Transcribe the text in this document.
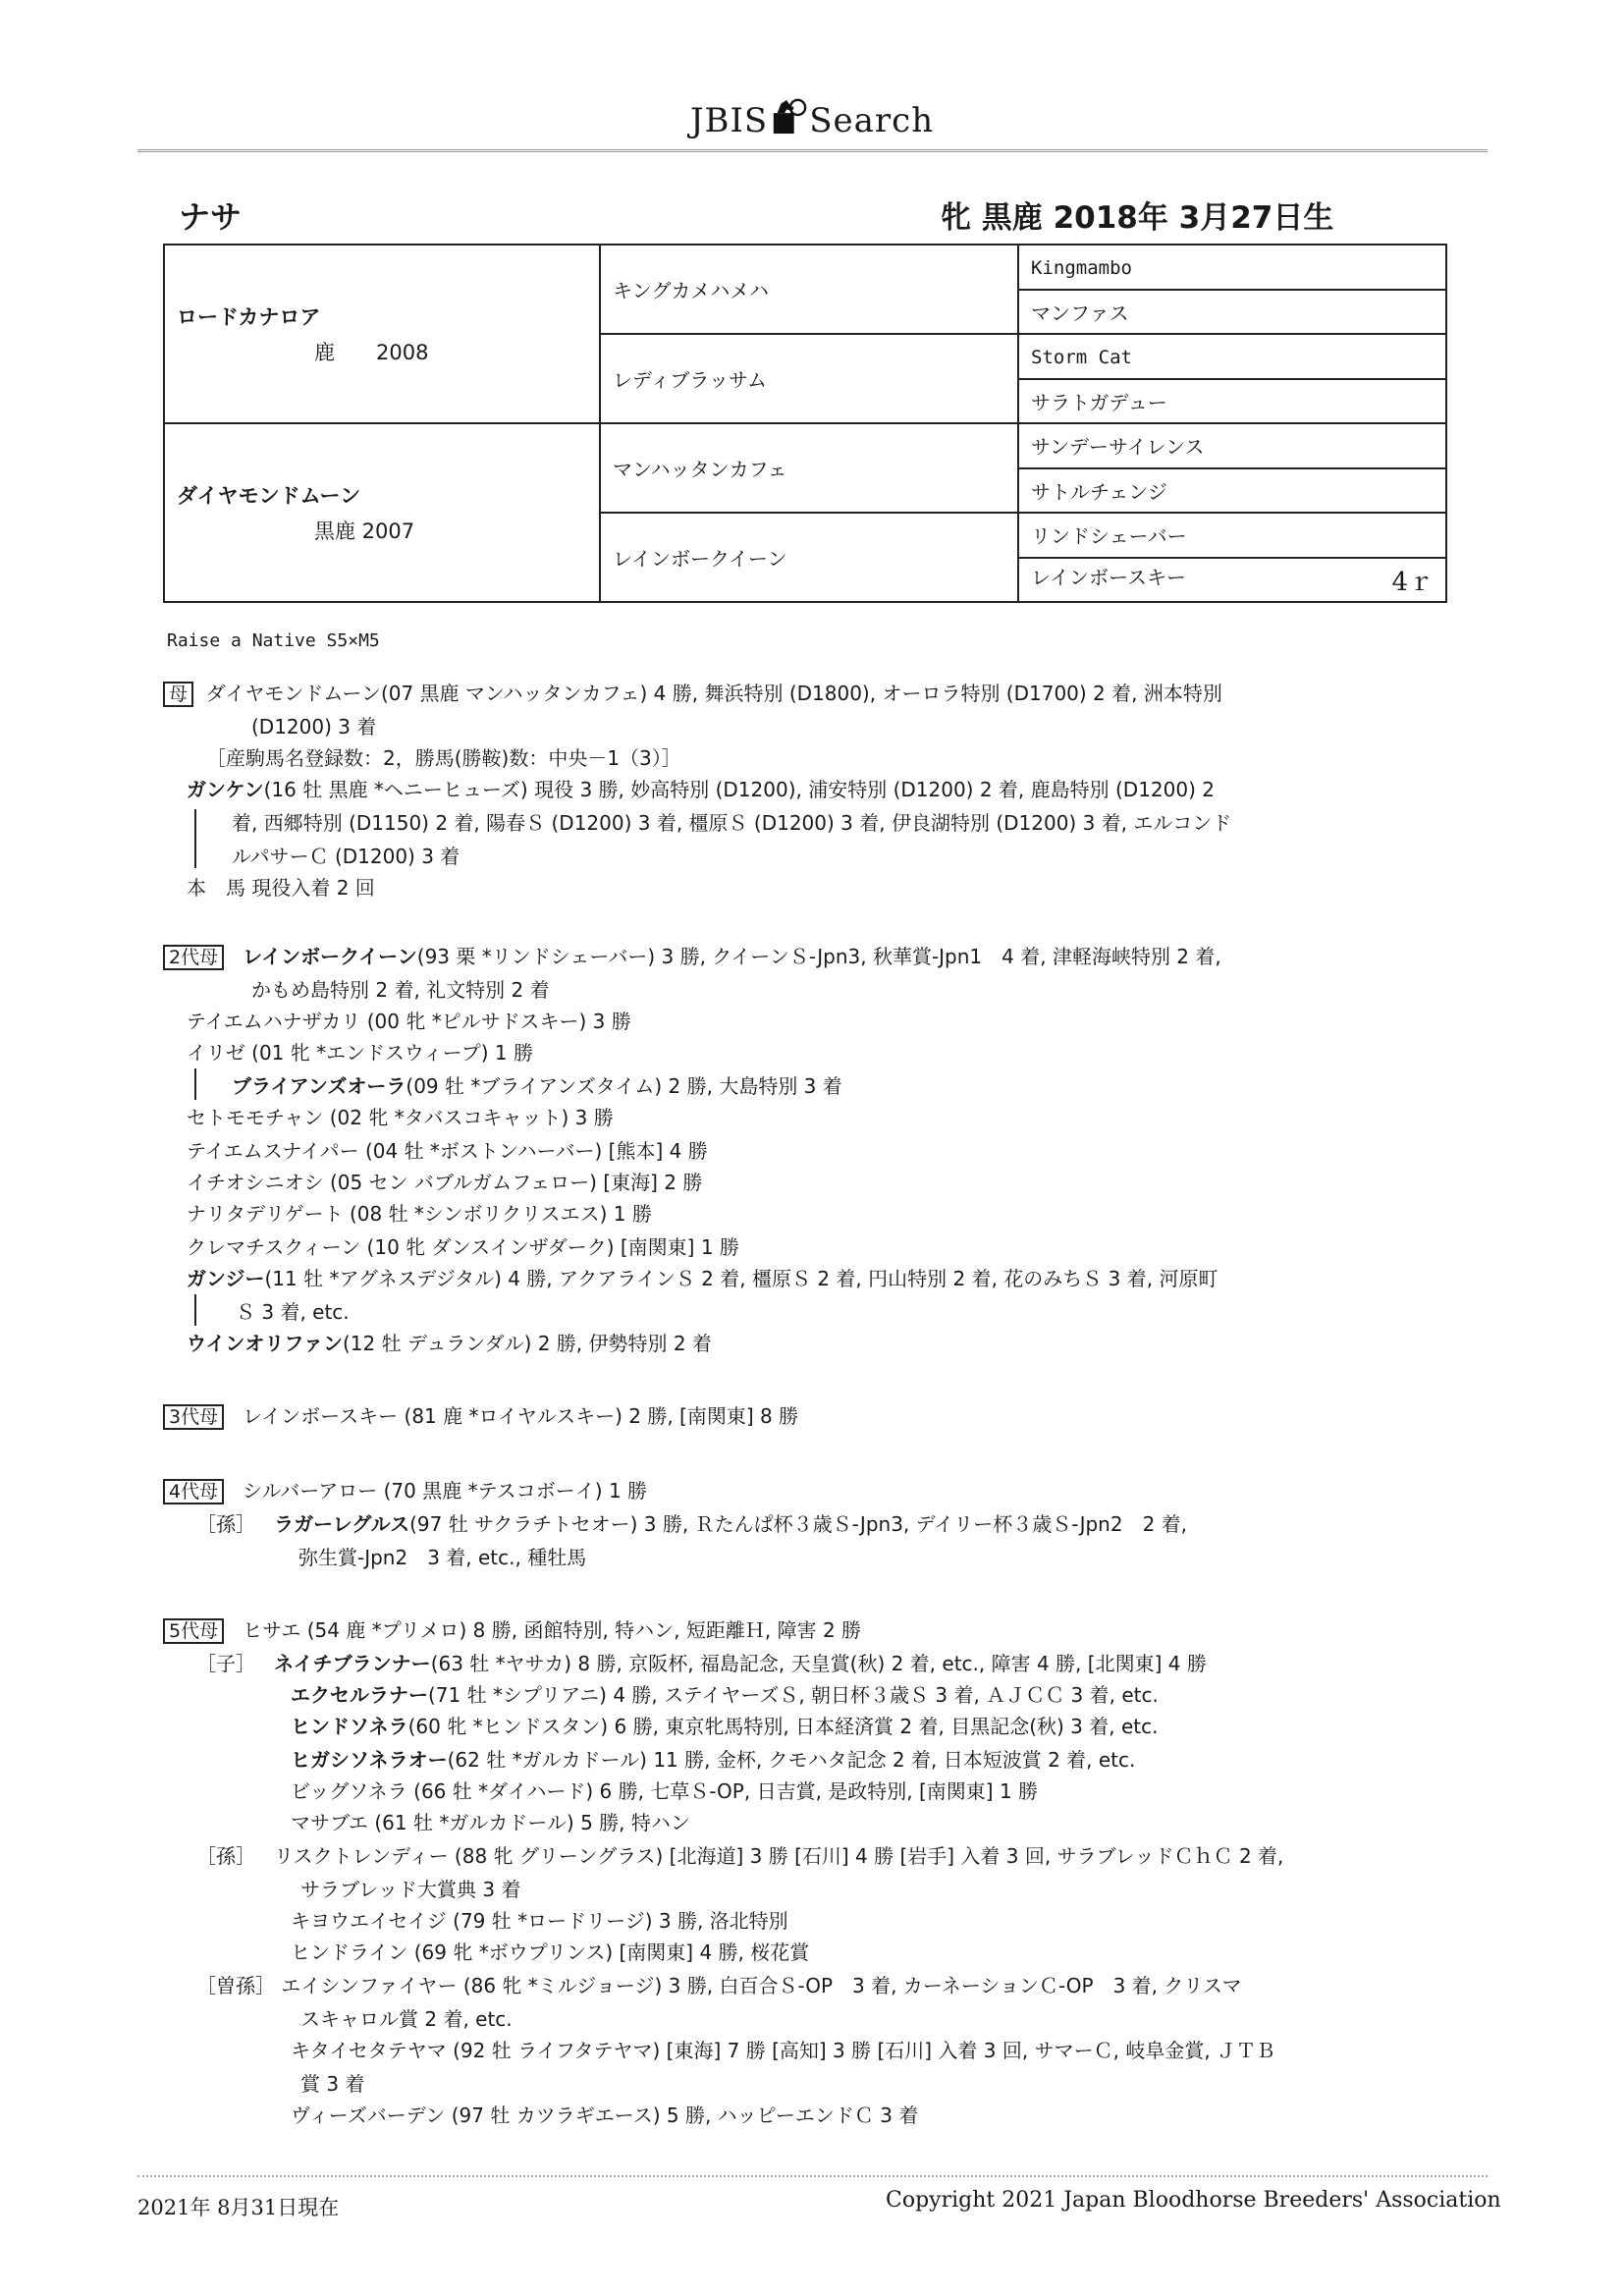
JBIS Search
ナサ	牝 黒鹿 2018年 3月27日生
ロードカナロア
鹿　　2008	キングカメハメハ	Kingmambo
		マンファス
	レディブラッサム	Storm Cat
		サラトガデュー
ダイヤモンドムーン
黒鹿 2007	マンハッタンカフェ	サンデーサイレンス
		サトルチェンジ
	レインボークイーン	リンドシェーバー
		レインボースキー 4ｒ
Raise a Native S5×M5
母 ダイヤモンドムーン(07 黒鹿 マンハッタンカフェ) 4 勝, 舞浜特別 (D1800), オーロラ特別 (D1700) 2 着, 洲本特別
(D1200) 3 着
［産駒馬名登録数：2，勝馬(勝鞍)数：中央－1（3）］
ガンケン(16 牡 黒鹿 *ヘニーヒューズ) 現役 3 勝, 妙高特別 (D1200), 浦安特別 (D1200) 2 着, 鹿島特別 (D1200) 2
着, 西郷特別 (D1150) 2 着, 陽春Ｓ (D1200) 3 着, 橿原Ｓ (D1200) 3 着, 伊良湖特別 (D1200) 3 着, エルコンド
ルパサーＣ (D1200) 3 着
本　馬 現役入着 2 回
2代母 レインボークイーン(93 栗 *リンドシェーバー) 3 勝, クイーンＳ-Jpn3, 秋華賞-Jpn1　4 着, 津軽海峡特別 2 着,
かもめ島特別 2 着, 礼文特別 2 着
テイエムハナザカリ (00 牝 *ピルサドスキー) 3 勝
イリゼ (01 牝 *エンドスウィープ) 1 勝
ブライアンズオーラ(09 牡 *ブライアンズタイム) 2 勝, 大島特別 3 着
セトモモチャン (02 牝 *タバスコキャット) 3 勝
テイエムスナイパー (04 牡 *ボストンハーバー) [熊本] 4 勝
イチオシニオシ (05 セン バブルガムフェロー) [東海] 2 勝
ナリタデリゲート (08 牡 *シンボリクリスエス) 1 勝
クレマチスクィーン (10 牝 ダンスインザダーク) [南関東] 1 勝
ガンジー(11 牡 *アグネスデジタル) 4 勝, アクアラインＳ 2 着, 橿原Ｓ 2 着, 円山特別 2 着, 花のみちＳ 3 着, 河原町
Ｓ 3 着, etc.
ウインオリファン(12 牡 デュランダル) 2 勝, 伊勢特別 2 着
3代母 レインボースキー (81 鹿 *ロイヤルスキー) 2 勝, [南関東] 8 勝
4代母 シルバーアロー (70 黒鹿 *テスコボーイ) 1 勝
［孫］ ラガーレグルス(97 牡 サクラチトセオー) 3 勝, Ｒたんぱ杯３歳Ｓ-Jpn3, デイリー杯３歳Ｓ-Jpn2　2 着,
弥生賞-Jpn2　3 着, etc., 種牡馬
5代母 ヒサエ (54 鹿 *プリメロ) 8 勝, 函館特別, 特ハン, 短距離Ｈ, 障害 2 勝
［子］ ネイチブランナー(63 牡 *ヤサカ) 8 勝, 京阪杯, 福島記念, 天皇賞(秋) 2 着, etc., 障害 4 勝, [北関東] 4 勝
エクセルラナー(71 牡 *シプリアニ) 4 勝, ステイヤーズＳ, 朝日杯３歳Ｓ 3 着, ＡＪＣＣ 3 着, etc.
ヒンドソネラ(60 牝 *ヒンドスタン) 6 勝, 東京牝馬特別, 日本経済賞 2 着, 目黒記念(秋) 3 着, etc.
ヒガシソネラオー(62 牡 *ガルカドール) 11 勝, 金杯, クモハタ記念 2 着, 日本短波賞 2 着, etc.
ビッグソネラ (66 牡 *ダイハード) 6 勝, 七草Ｓ-OP, 日吉賞, 是政特別, [南関東] 1 勝
マサブエ (61 牡 *ガルカドール) 5 勝, 特ハン
［孫］ リスクトレンディー (88 牝 グリーングラス) [北海道] 3 勝 [石川] 4 勝 [岩手] 入着 3 回, サラブレッドＣｈＣ 2 着,
サラブレッド大賞典 3 着
キヨウエイセイジ (79 牡 *ロードリージ) 3 勝, 洛北特別
ヒンドライン (69 牝 *ボウプリンス) [南関東] 4 勝, 桜花賞
［曽孫］ エイシンファイヤー (86 牝 *ミルジョージ) 3 勝, 白百合Ｓ-OP　3 着, カーネーションＣ-OP　3 着, クリスマ
スキャロル賞 2 着, etc.
キタイセタテヤマ (92 牡 ライフタテヤマ) [東海] 7 勝 [高知] 3 勝 [石川] 入着 3 回, サマーＣ, 岐阜金賞, ＪＴＢ
賞 3 着
ヴィーズバーデン (97 牡 カツラギエース) 5 勝, ハッピーエンドＣ 3 着
2021年 8月31日現在	Copyright 2021 Japan Bloodhorse Breeders' Association
